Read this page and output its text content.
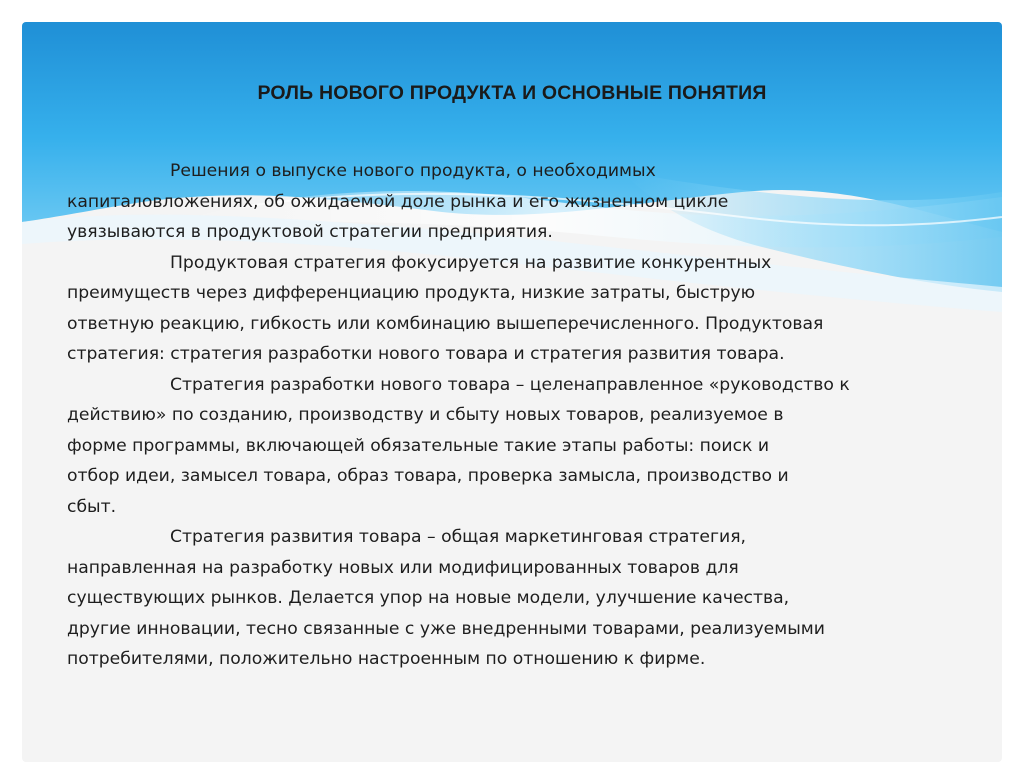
РОЛЬ НОВОГО ПРОДУКТА И ОСНОВНЫЕ ПОНЯТИЯ

Решения о выпуске нового продукта, о необходимых
капиталовложениях, об ожидаемой доле рынка и его жизненном цикле
увязываются в продуктовой стратегии предприятия.

Продуктовая стратегия фокусируется на развитие конкурентных
преимуществ через дифференциацию продукта, низкие затраты, быструю
ответную реакцию, гибкость или комбинацию вышеперечисленного. Продуктовая
стратегия: стратегия разработки нового товара и стратегия развития товара.

Стратегия разработки нового товара – целенаправленное «руководство к
действию» по созданию, производству и сбыту новых товаров, реализуемое в
форме программы, включающей обязательные такие этапы работы: поиск и
отбор идеи, замысел товара, образ товара, проверка замысла, производство и
сбыт.

Стратегия развития товара – общая маркетинговая стратегия,
направленная на разработку новых или модифицированных товаров для
существующих рынков. Делается упор на новые модели, улучшение качества,
другие инновации, тесно связанные с уже внедренными товарами, реализуемыми
потребителями, положительно настроенным по отношению к фирме.
